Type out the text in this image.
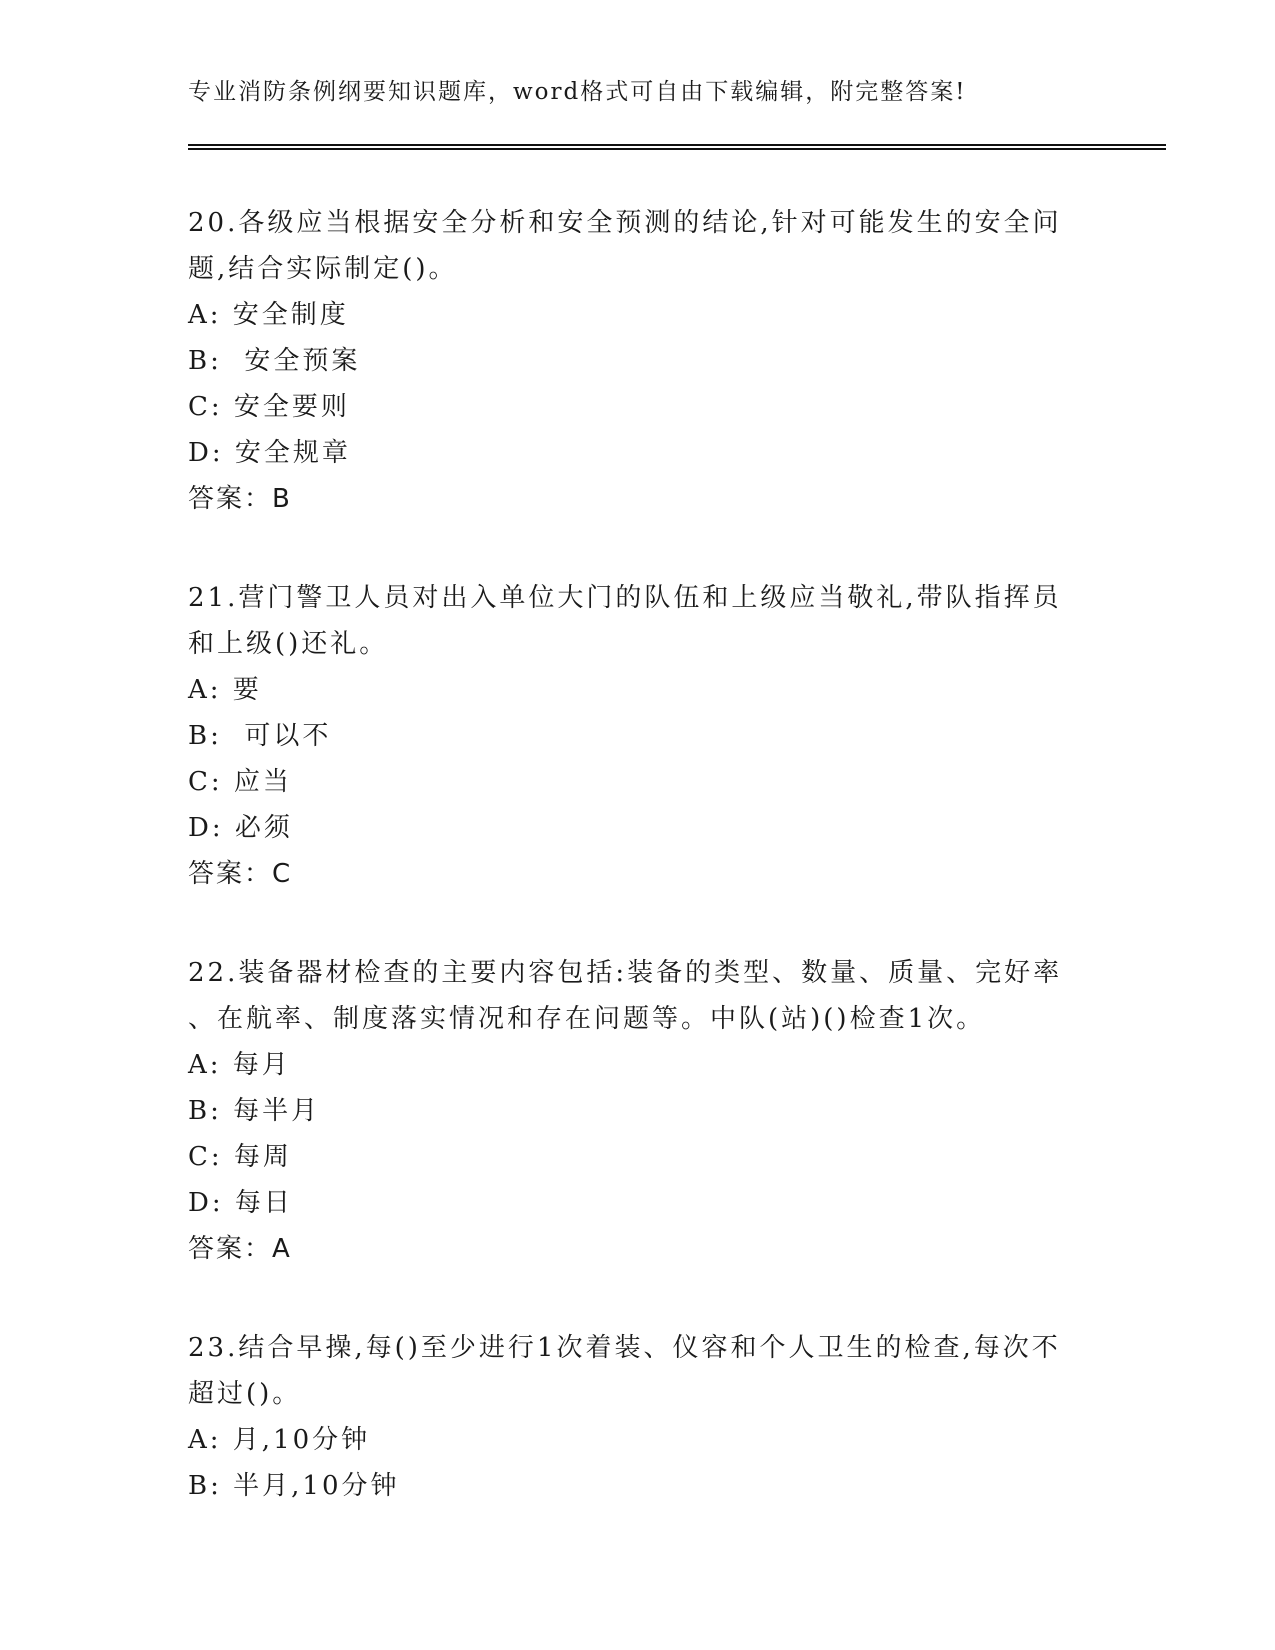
专业消防条例纲要知识题库，word格式可自由下载编辑，附完整答案!

20.各级应当根据安全分析和安全预测的结论,针对可能发生的安全问
题,结合实际制定()。

A: 安全制度

B:  安全预案

C: 安全要则

D: 安全规章

答案：B

21.营门警卫人员对出入单位大门的队伍和上级应当敬礼,带队指挥员
和上级()还礼。

A: 要

B:  可以不

C: 应当

D: 必须

答案：C

22.装备器材检查的主要内容包括:装备的类型、数量、质量、完好率
、在航率、制度落实情况和存在问题等。中队(站)()检查1次。

A: 每月

B: 每半月

C: 每周

D: 每日

答案：A

23.结合早操,每()至少进行1次着装、仪容和个人卫生的检查,每次不
超过()。

A: 月,10分钟

B: 半月,10分钟
